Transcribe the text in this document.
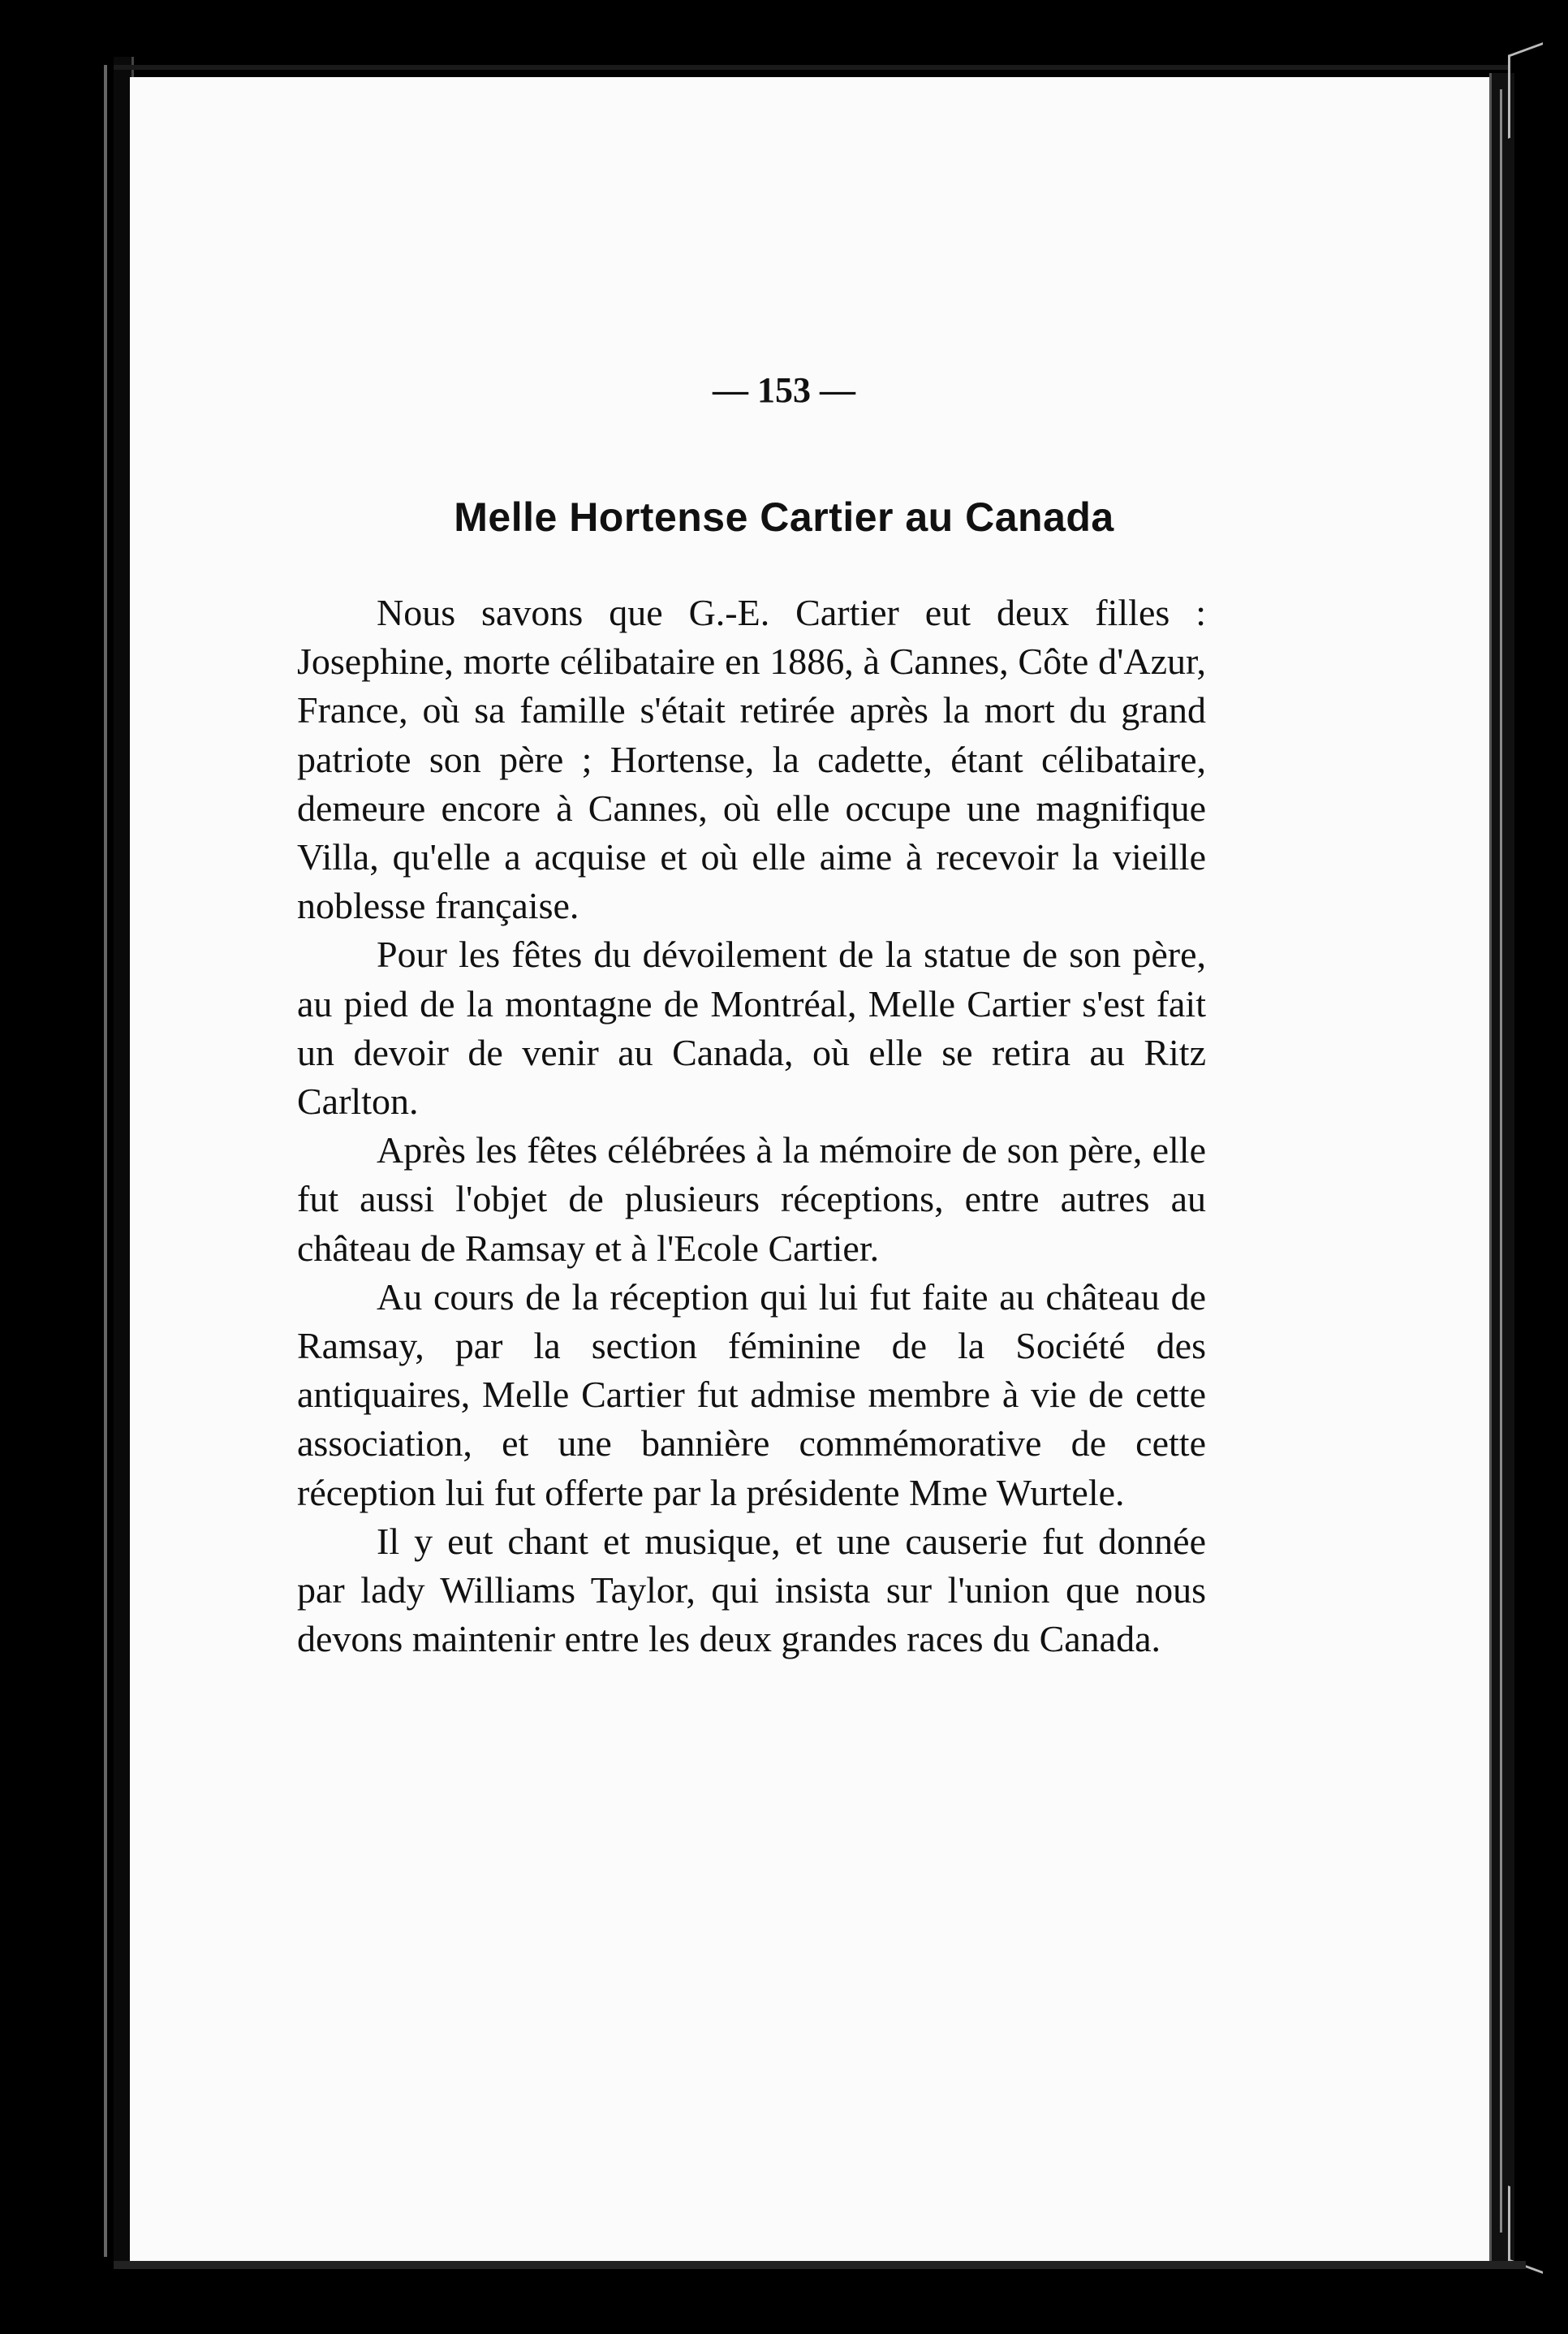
— 153 —
Melle Hortense Cartier au Canada

Nous savons que G.-E. Cartier eut deux filles : Josephine, morte célibataire en 1886, à Cannes, Côte d'Azur, France, où sa famille s'était retirée après la mort du grand patriote son père ; Hortense, la cadette, étant célibataire, demeure encore à Cannes, où elle occupe une magnifique Villa, qu'elle a acquise et où elle aime à recevoir la vieille noblesse française.

Pour les fêtes du dévoilement de la statue de son père, au pied de la montagne de Montréal, Melle Cartier s'est fait un devoir de venir au Canada, où elle se retira au Ritz Carlton.

Après les fêtes célébrées à la mémoire de son père, elle fut aussi l'objet de plusieurs réceptions, entre autres au château de Ramsay et à l'Ecole Cartier.

Au cours de la réception qui lui fut faite au château de Ramsay, par la section féminine de la Société des antiquaires, Melle Cartier fut admise membre à vie de cette association, et une bannière commémorative de cette réception lui fut offerte par la présidente Mme Wurtele.

Il y eut chant et musique, et une causerie fut donnée par lady Williams Taylor, qui insista sur l'union que nous devons maintenir entre les deux grandes races du Canada.
